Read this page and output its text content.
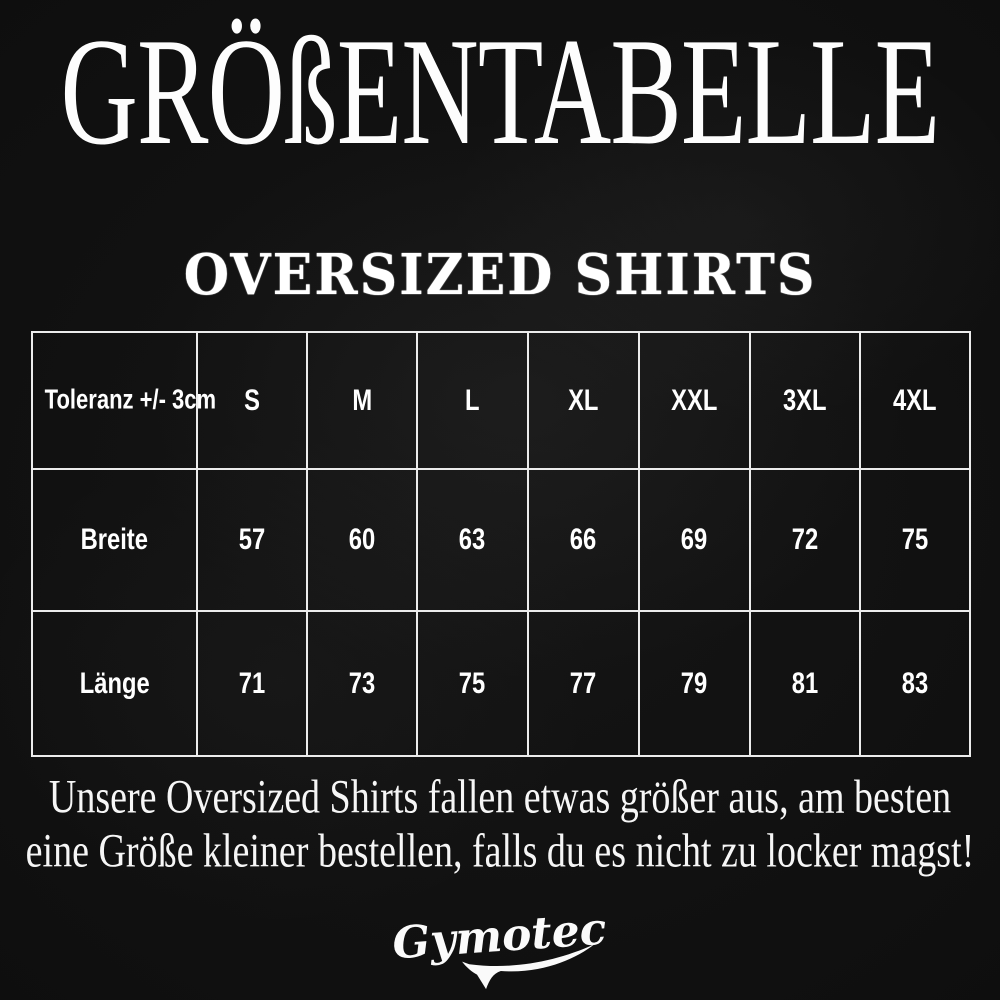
GRÖßENTABELLE
OVERSIZED SHIRTS
Toleranz +/- 3cm	S	M	L	XL	XXL	3XL	4XL
Breite	57	60	63	66	69	72	75
Länge	71	73	75	77	79	81	83
Unsere Oversized Shirts fallen etwas größer aus, am besten
eine Größe kleiner bestellen, falls du es nicht zu locker magst!
Gymotec
